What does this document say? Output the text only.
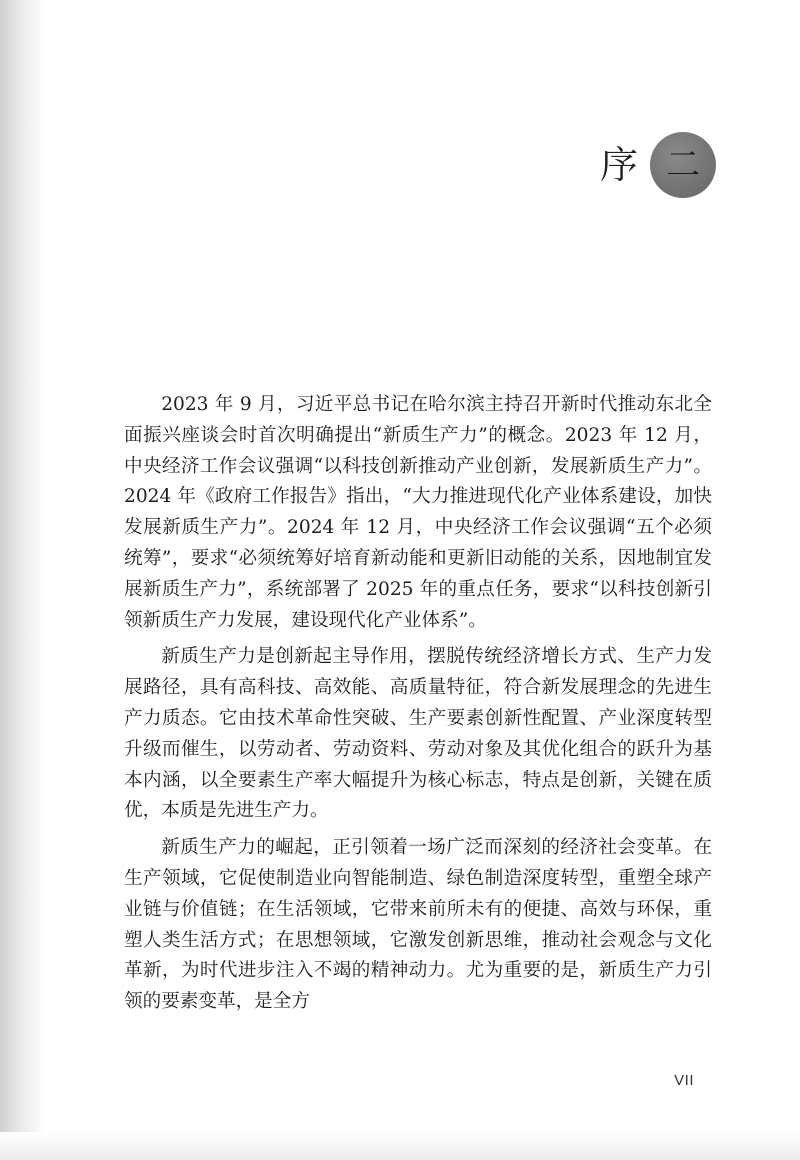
序 二

2023 年 9 月，习近平总书记在哈尔滨主持召开新时代推动东北全面振兴座谈会时首次明确提出“新质生产力”的概念。2023 年 12 月，中央经济工作会议强调“以科技创新推动产业创新，发展新质生产力”。2024 年《政府工作报告》指出，“大力推进现代化产业体系建设，加快发展新质生产力”。2024 年 12 月，中央经济工作会议强调“五个必须统筹”，要求“必须统筹好培育新动能和更新旧动能的关系，因地制宜发展新质生产力”，系统部署了 2025 年的重点任务，要求“以科技创新引领新质生产力发展，建设现代化产业体系”。

新质生产力是创新起主导作用，摆脱传统经济增长方式、生产力发展路径，具有高科技、高效能、高质量特征，符合新发展理念的先进生产力质态。它由技术革命性突破、生产要素创新性配置、产业深度转型升级而催生，以劳动者、劳动资料、劳动对象及其优化组合的跃升为基本内涵，以全要素生产率大幅提升为核心标志，特点是创新，关键在质优，本质是先进生产力。

新质生产力的崛起，正引领着一场广泛而深刻的经济社会变革。在生产领域，它促使制造业向智能制造、绿色制造深度转型，重塑全球产业链与价值链；在生活领域，它带来前所未有的便捷、高效与环保，重塑人类生活方式；在思想领域，它激发创新思维，推动社会观念与文化革新，为时代进步注入不竭的精神动力。尤为重要的是，新质生产力引领的要素变革，是全方

VII
